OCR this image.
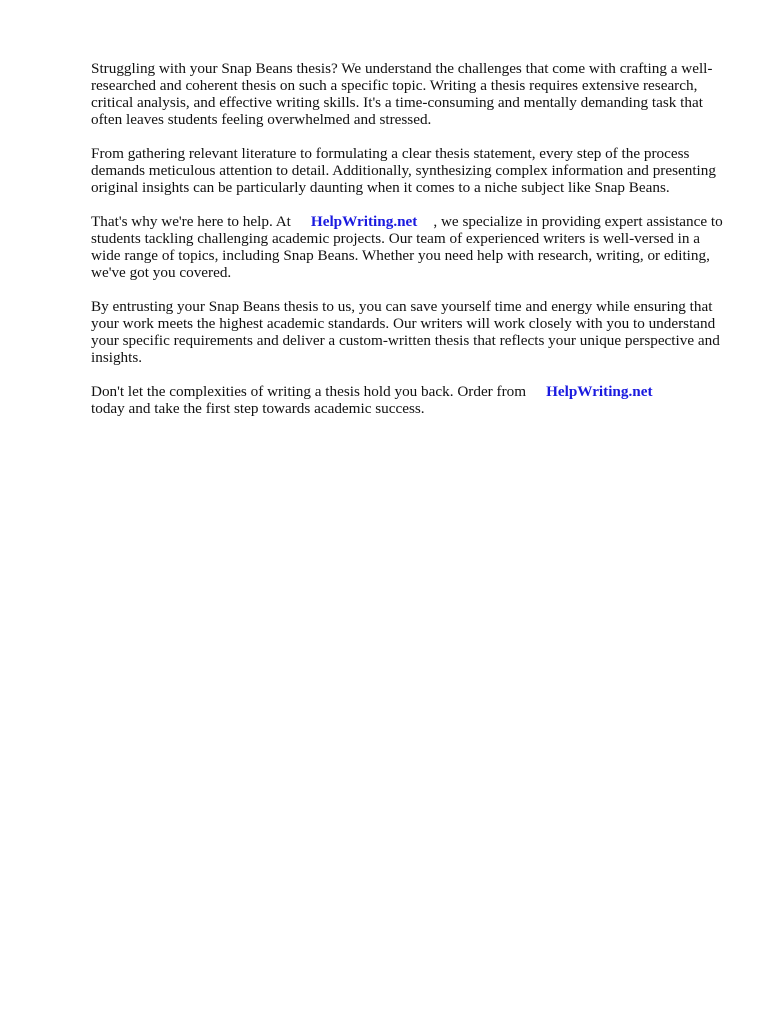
Struggling with your Snap Beans thesis? We understand the challenges that come with crafting a well-researched and coherent thesis on such a specific topic. Writing a thesis requires extensive research, critical analysis, and effective writing skills. It's a time-consuming and mentally demanding task that often leaves students feeling overwhelmed and stressed.

From gathering relevant literature to formulating a clear thesis statement, every step of the process demands meticulous attention to detail. Additionally, synthesizing complex information and presenting original insights can be particularly daunting when it comes to a niche subject like Snap Beans.

That's why we're here to help. At HelpWriting.net , we specialize in providing expert assistance to students tackling challenging academic projects. Our team of experienced writers is well-versed in a wide range of topics, including Snap Beans. Whether you need help with research, writing, or editing, we've got you covered.

By entrusting your Snap Beans thesis to us, you can save yourself time and energy while ensuring that your work meets the highest academic standards. Our writers will work closely with you to understand your specific requirements and deliver a custom-written thesis that reflects your unique perspective and insights.

Don't let the complexities of writing a thesis hold you back. Order from HelpWriting.net
today and take the first step towards academic success.
